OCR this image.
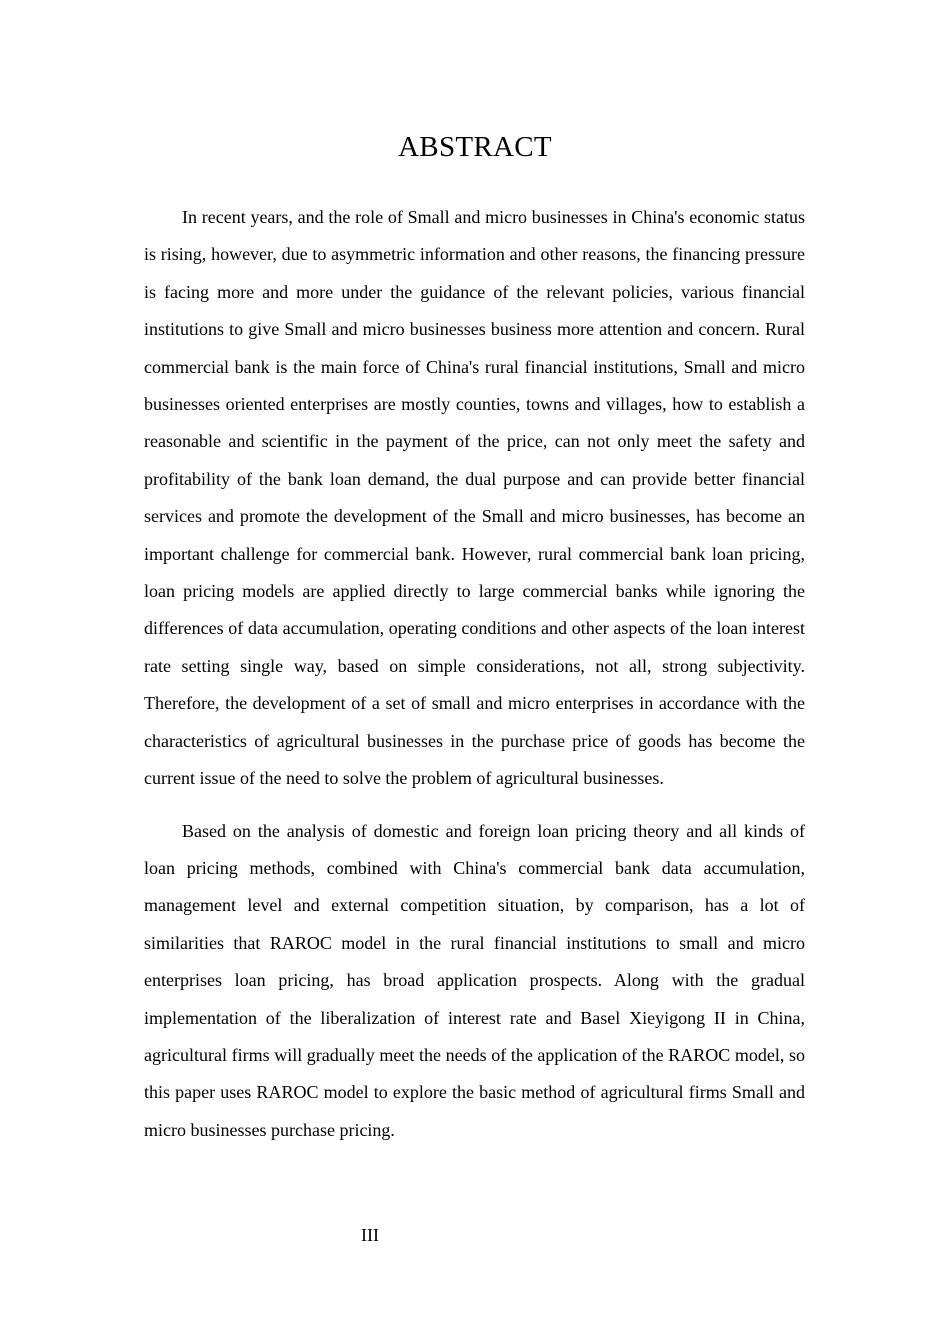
ABSTRACT

In recent years, and the role of Small and micro businesses in China's economic status is rising, however, due to asymmetric information and other reasons, the financing pressure is facing more and more under the guidance of the relevant policies, various financial institutions to give Small and micro businesses business more attention and concern. Rural commercial bank is the main force of China's rural financial institutions, Small and micro businesses oriented enterprises are mostly counties, towns and villages, how to establish a reasonable and scientific in the payment of the price, can not only meet the safety and profitability of the bank loan demand, the dual purpose and can provide better financial services and promote the development of the Small and micro businesses, has become an important challenge for commercial bank. However, rural commercial bank loan pricing, loan pricing models are applied directly to large commercial banks while ignoring the differences of data accumulation, operating conditions and other aspects of the loan interest rate setting single way, based on simple considerations, not all, strong subjectivity. Therefore, the development of a set of small and micro enterprises in accordance with the characteristics of agricultural businesses in the purchase price of goods has become the current issue of the need to solve the problem of agricultural businesses.

Based on the analysis of domestic and foreign loan pricing theory and all kinds of loan pricing methods, combined with China's commercial bank data accumulation, management level and external competition situation, by comparison, has a lot of similarities that RAROC model in the rural financial institutions to small and micro enterprises loan pricing, has broad application prospects. Along with the gradual implementation of the liberalization of interest rate and Basel Xieyigong II in China, agricultural firms will gradually meet the needs of the application of the RAROC model, so this paper uses RAROC model to explore the basic method of agricultural firms Small and micro businesses purchase pricing.

III
